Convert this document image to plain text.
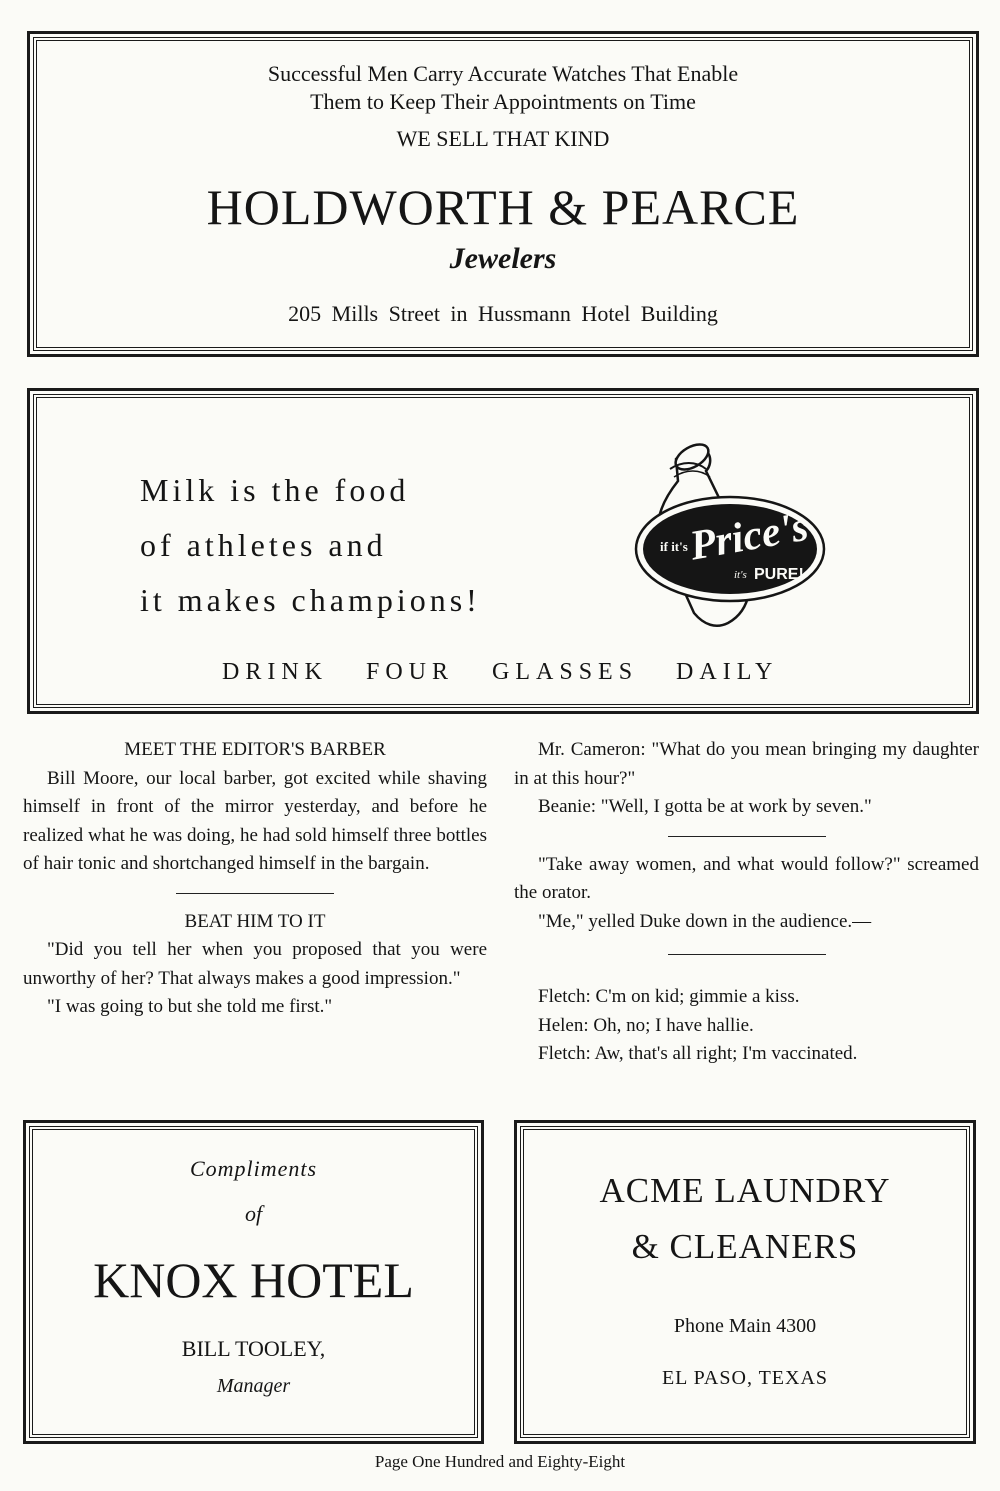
Successful Men Carry Accurate Watches That Enable
Them to Keep Their Appointments on Time
WE SELL THAT KIND
HOLDWORTH & PEARCE
Jewelers
205 Mills Street in Hussmann Hotel Building
Milk is the food
of athletes and
it makes champions!
if it's
Price's
it's PURE!
DRINK FOUR GLASSES DAILY
MEET THE EDITOR'S BARBER
Bill Moore, our local barber, got excited while shaving himself in front of the mirror yesterday, and before he realized what he was doing, he had sold himself three bottles of hair tonic and shortchanged himself in the bargain.
BEAT HIM TO IT
"Did you tell her when you proposed that you were unworthy of her? That always makes a good impression."
"I was going to but she told me first."
Mr. Cameron: "What do you mean bringing my daughter in at this hour?"
Beanie: "Well, I gotta be at work by seven."
"Take away women, and what would follow?" screamed the orator.
"Me," yelled Duke down in the audience.—
Fletch: C'm on kid; gimmie a kiss.
Helen: Oh, no; I have hallie.
Fletch: Aw, that's all right; I'm vaccinated.
Compliments
of
KNOX HOTEL
BILL TOOLEY,
Manager
ACME LAUNDRY
& CLEANERS
Phone Main 4300
EL PASO, TEXAS
Page One Hundred and Eighty-Eight
